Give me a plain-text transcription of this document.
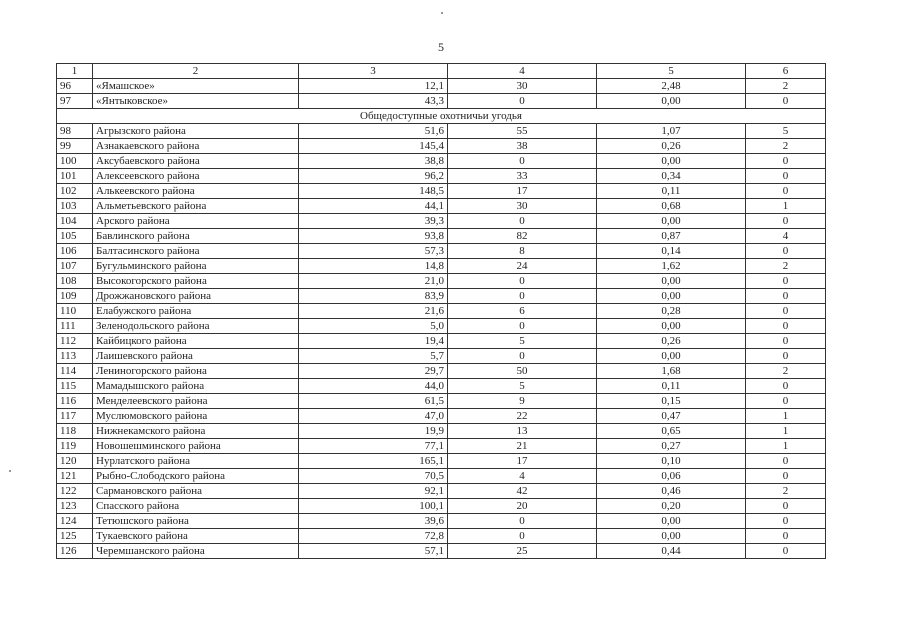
5
1	2	3	4	5	6
96	«Ямашское»	12,1	30	2,48	2
97	«Янтыковское»	43,3	0	0,00	0
Общедоступные охотничьи угодья					
98	Агрызского района	51,6	55	1,07	5
99	Азнакаевского района	145,4	38	0,26	2
100	Аксубаевского района	38,8	0	0,00	0
101	Алексеевского района	96,2	33	0,34	0
102	Алькеевского района	148,5	17	0,11	0
103	Альметьевского района	44,1	30	0,68	1
104	Арского района	39,3	0	0,00	0
105	Бавлинского района	93,8	82	0,87	4
106	Балтасинского района	57,3	8	0,14	0
107	Бугульминского района	14,8	24	1,62	2
108	Высокогорского района	21,0	0	0,00	0
109	Дрожжановского района	83,9	0	0,00	0
110	Елабужского района	21,6	6	0,28	0
111	Зеленодольского района	5,0	0	0,00	0
112	Кайбицкого района	19,4	5	0,26	0
113	Лаишевского района	5,7	0	0,00	0
114	Лениногорского района	29,7	50	1,68	2
115	Мамадышского района	44,0	5	0,11	0
116	Менделеевского района	61,5	9	0,15	0
117	Муслюмовского района	47,0	22	0,47	1
118	Нижнекамского района	19,9	13	0,65	1
119	Новошешминского района	77,1	21	0,27	1
120	Нурлатского района	165,1	17	0,10	0
121	Рыбно-Слободского района	70,5	4	0,06	0
122	Сармановского района	92,1	42	0,46	2
123	Спасского района	100,1	20	0,20	0
124	Тетюшского района	39,6	0	0,00	0
125	Тукаевского района	72,8	0	0,00	0
126	Черемшанского района	57,1	25	0,44	0
